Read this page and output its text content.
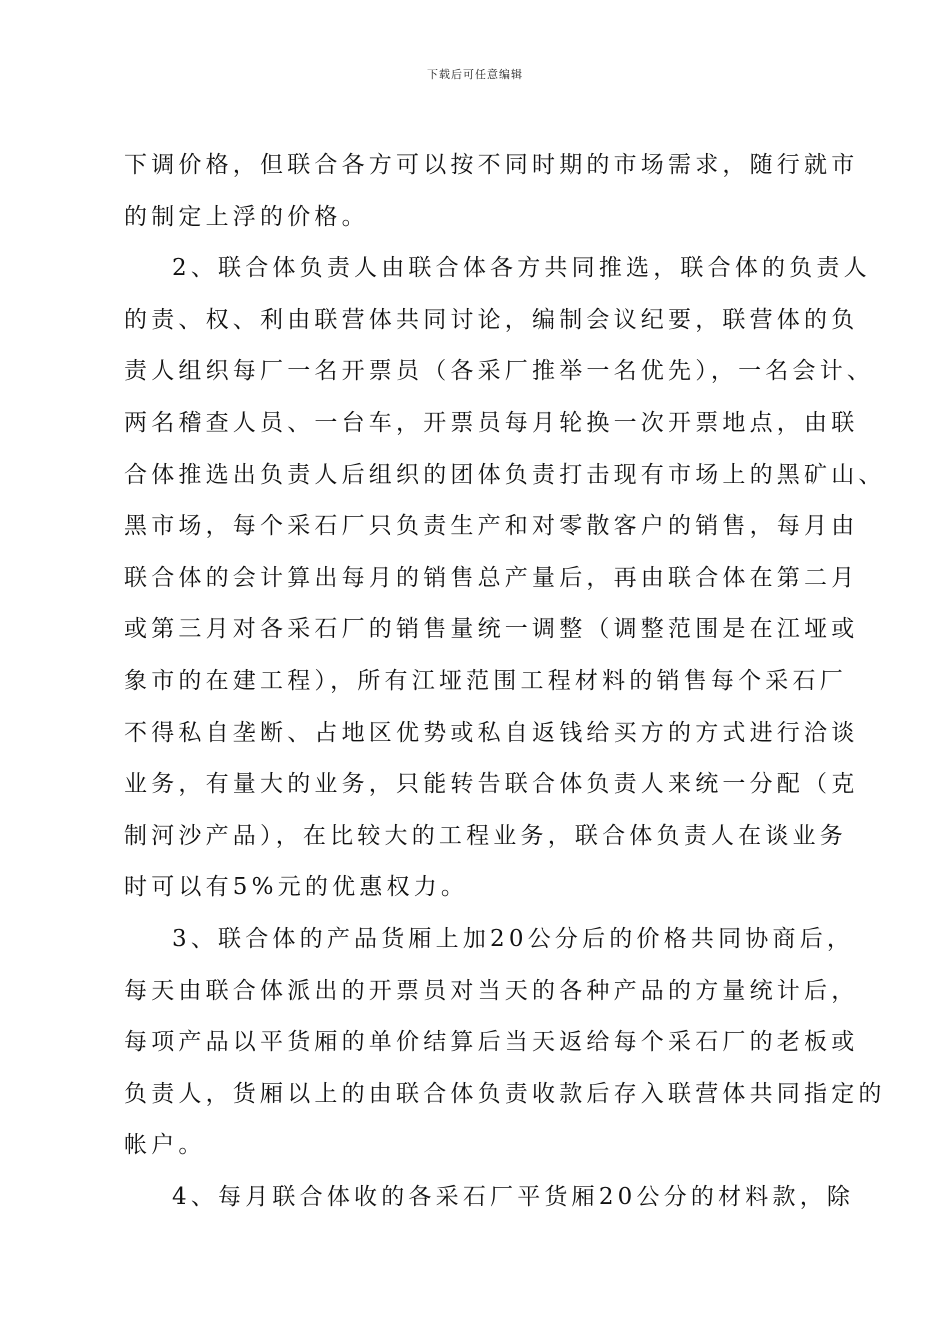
下载后可任意编辑
下调价格，但联合各方可以按不同时期的市场需求，随行就市
的制定上浮的价格。
2、联合体负责人由联合体各方共同推选，联合体的负责人
的责、权、利由联营体共同讨论，编制会议纪要，联营体的负
责人组织每厂一名开票员（各采厂推举一名优先），一名会计、
两名稽查人员、一台车，开票员每月轮换一次开票地点，由联
合体推选出负责人后组织的团体负责打击现有市场上的黑矿山、
黑市场，每个采石厂只负责生产和对零散客户的销售，每月由
联合体的会计算出每月的销售总产量后，再由联合体在第二月
或第三月对各采石厂的销售量统一调整（调整范围是在江垭或
象市的在建工程），所有江垭范围工程材料的销售每个采石厂
不得私自垄断、占地区优势或私自返钱给买方的方式进行洽谈
业务，有量大的业务，只能转告联合体负责人来统一分配（克
制河沙产品），在比较大的工程业务，联合体负责人在谈业务
时可以有5%元的优惠权力。
3、联合体的产品货厢上加20公分后的价格共同协商后，
每天由联合体派出的开票员对当天的各种产品的方量统计后，
每项产品以平货厢的单价结算后当天返给每个采石厂的老板或
负责人，货厢以上的由联合体负责收款后存入联营体共同指定的
帐户。
4、每月联合体收的各采石厂平货厢20公分的材料款，除
